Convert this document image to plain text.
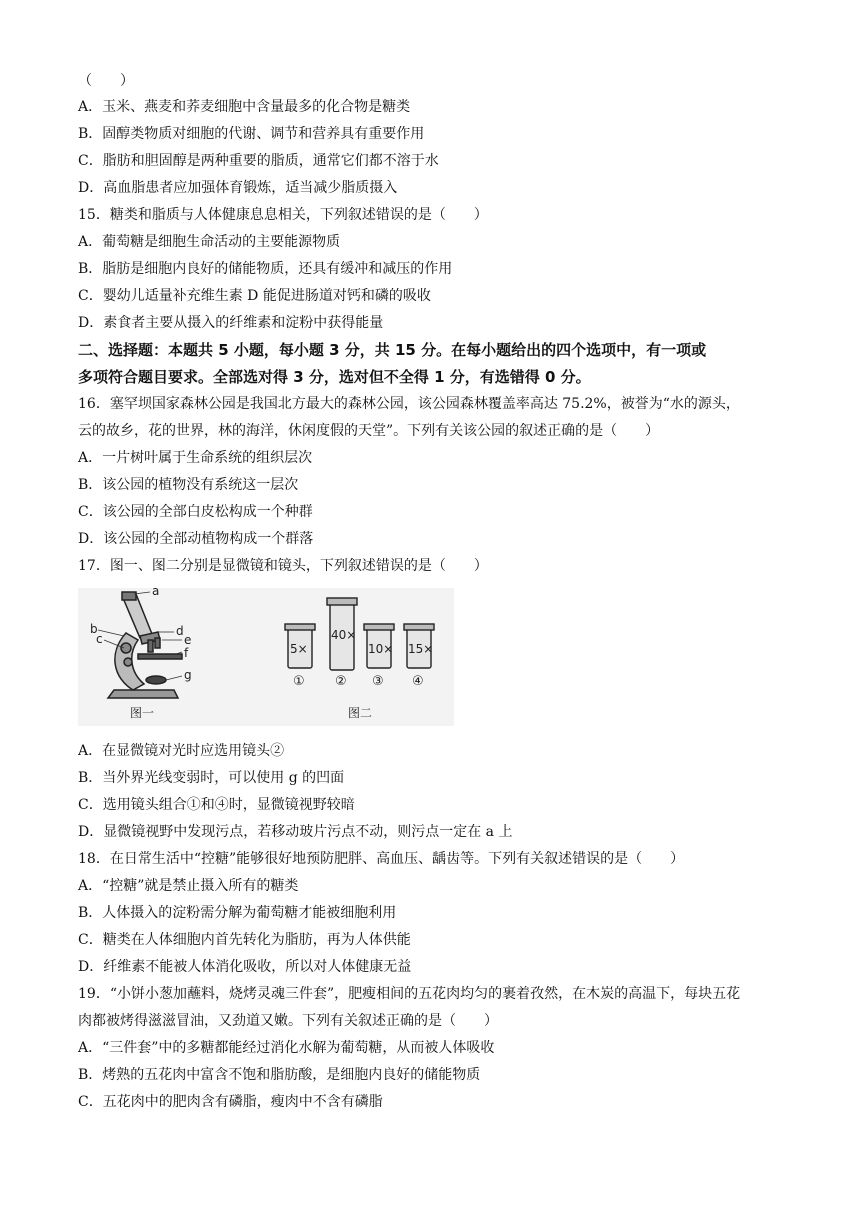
（　　）
A．玉米、燕麦和荞麦细胞中含量最多的化合物是糖类
B．固醇类物质对细胞的代谢、调节和营养具有重要作用
C．脂肪和胆固醇是两种重要的脂质，通常它们都不溶于水
D．高血脂患者应加强体育锻炼，适当减少脂质摄入
15．糖类和脂质与人体健康息息相关，下列叙述错误的是（　　）
A．葡萄糖是细胞生命活动的主要能源物质
B．脂肪是细胞内良好的储能物质，还具有缓冲和减压的作用
C．婴幼儿适量补充维生素 D 能促进肠道对钙和磷的吸收
D．素食者主要从摄入的纤维素和淀粉中获得能量
二、选择题：本题共 5 小题，每小题 3 分，共 15 分。在每小题给出的四个选项中，有一项或
多项符合题目要求。全部选对得 3 分，选对但不全得 1 分，有选错得 0 分。
16．塞罕坝国家森林公园是我国北方最大的森林公园，该公园森林覆盖率高达 75.2%，被誉为“水的源头，
云的故乡，花的世界，林的海洋，休闲度假的天堂”。下列有关该公园的叙述正确的是（　　）
A．一片树叶属于生命系统的组织层次
B．该公园的植物没有系统这一层次
C．该公园的全部白皮松构成一个种群
D．该公园的全部动植物构成一个群落
17．图一、图二分别是显微镜和镜头，下列叙述错误的是（　　）
a
b
c
d
e
f
g
5×
40×
10× 15×
① ② ③ ④
图一	图二
A．在显微镜对光时应选用镜头②
B．当外界光线变弱时，可以使用 g 的凹面
C．选用镜头组合①和④时，显微镜视野较暗
D．显微镜视野中发现污点，若移动玻片污点不动，则污点一定在 a 上
18．在日常生活中“控糖”能够很好地预防肥胖、高血压、龋齿等。下列有关叙述错误的是（　　）
A．“控糖”就是禁止摄入所有的糖类
B．人体摄入的淀粉需分解为葡萄糖才能被细胞利用
C．糖类在人体细胞内首先转化为脂肪，再为人体供能
D．纤维素不能被人体消化吸收，所以对人体健康无益
19．“小饼小葱加蘸料，烧烤灵魂三件套”，肥瘦相间的五花肉均匀的裹着孜然，在木炭的高温下，每块五花
肉都被烤得滋滋冒油，又劲道又嫩。下列有关叙述正确的是（　　）
A．“三件套”中的多糖都能经过消化水解为葡萄糖，从而被人体吸收
B．烤熟的五花肉中富含不饱和脂肪酸，是细胞内良好的储能物质
C．五花肉中的肥肉含有磷脂，瘦肉中不含有磷脂
